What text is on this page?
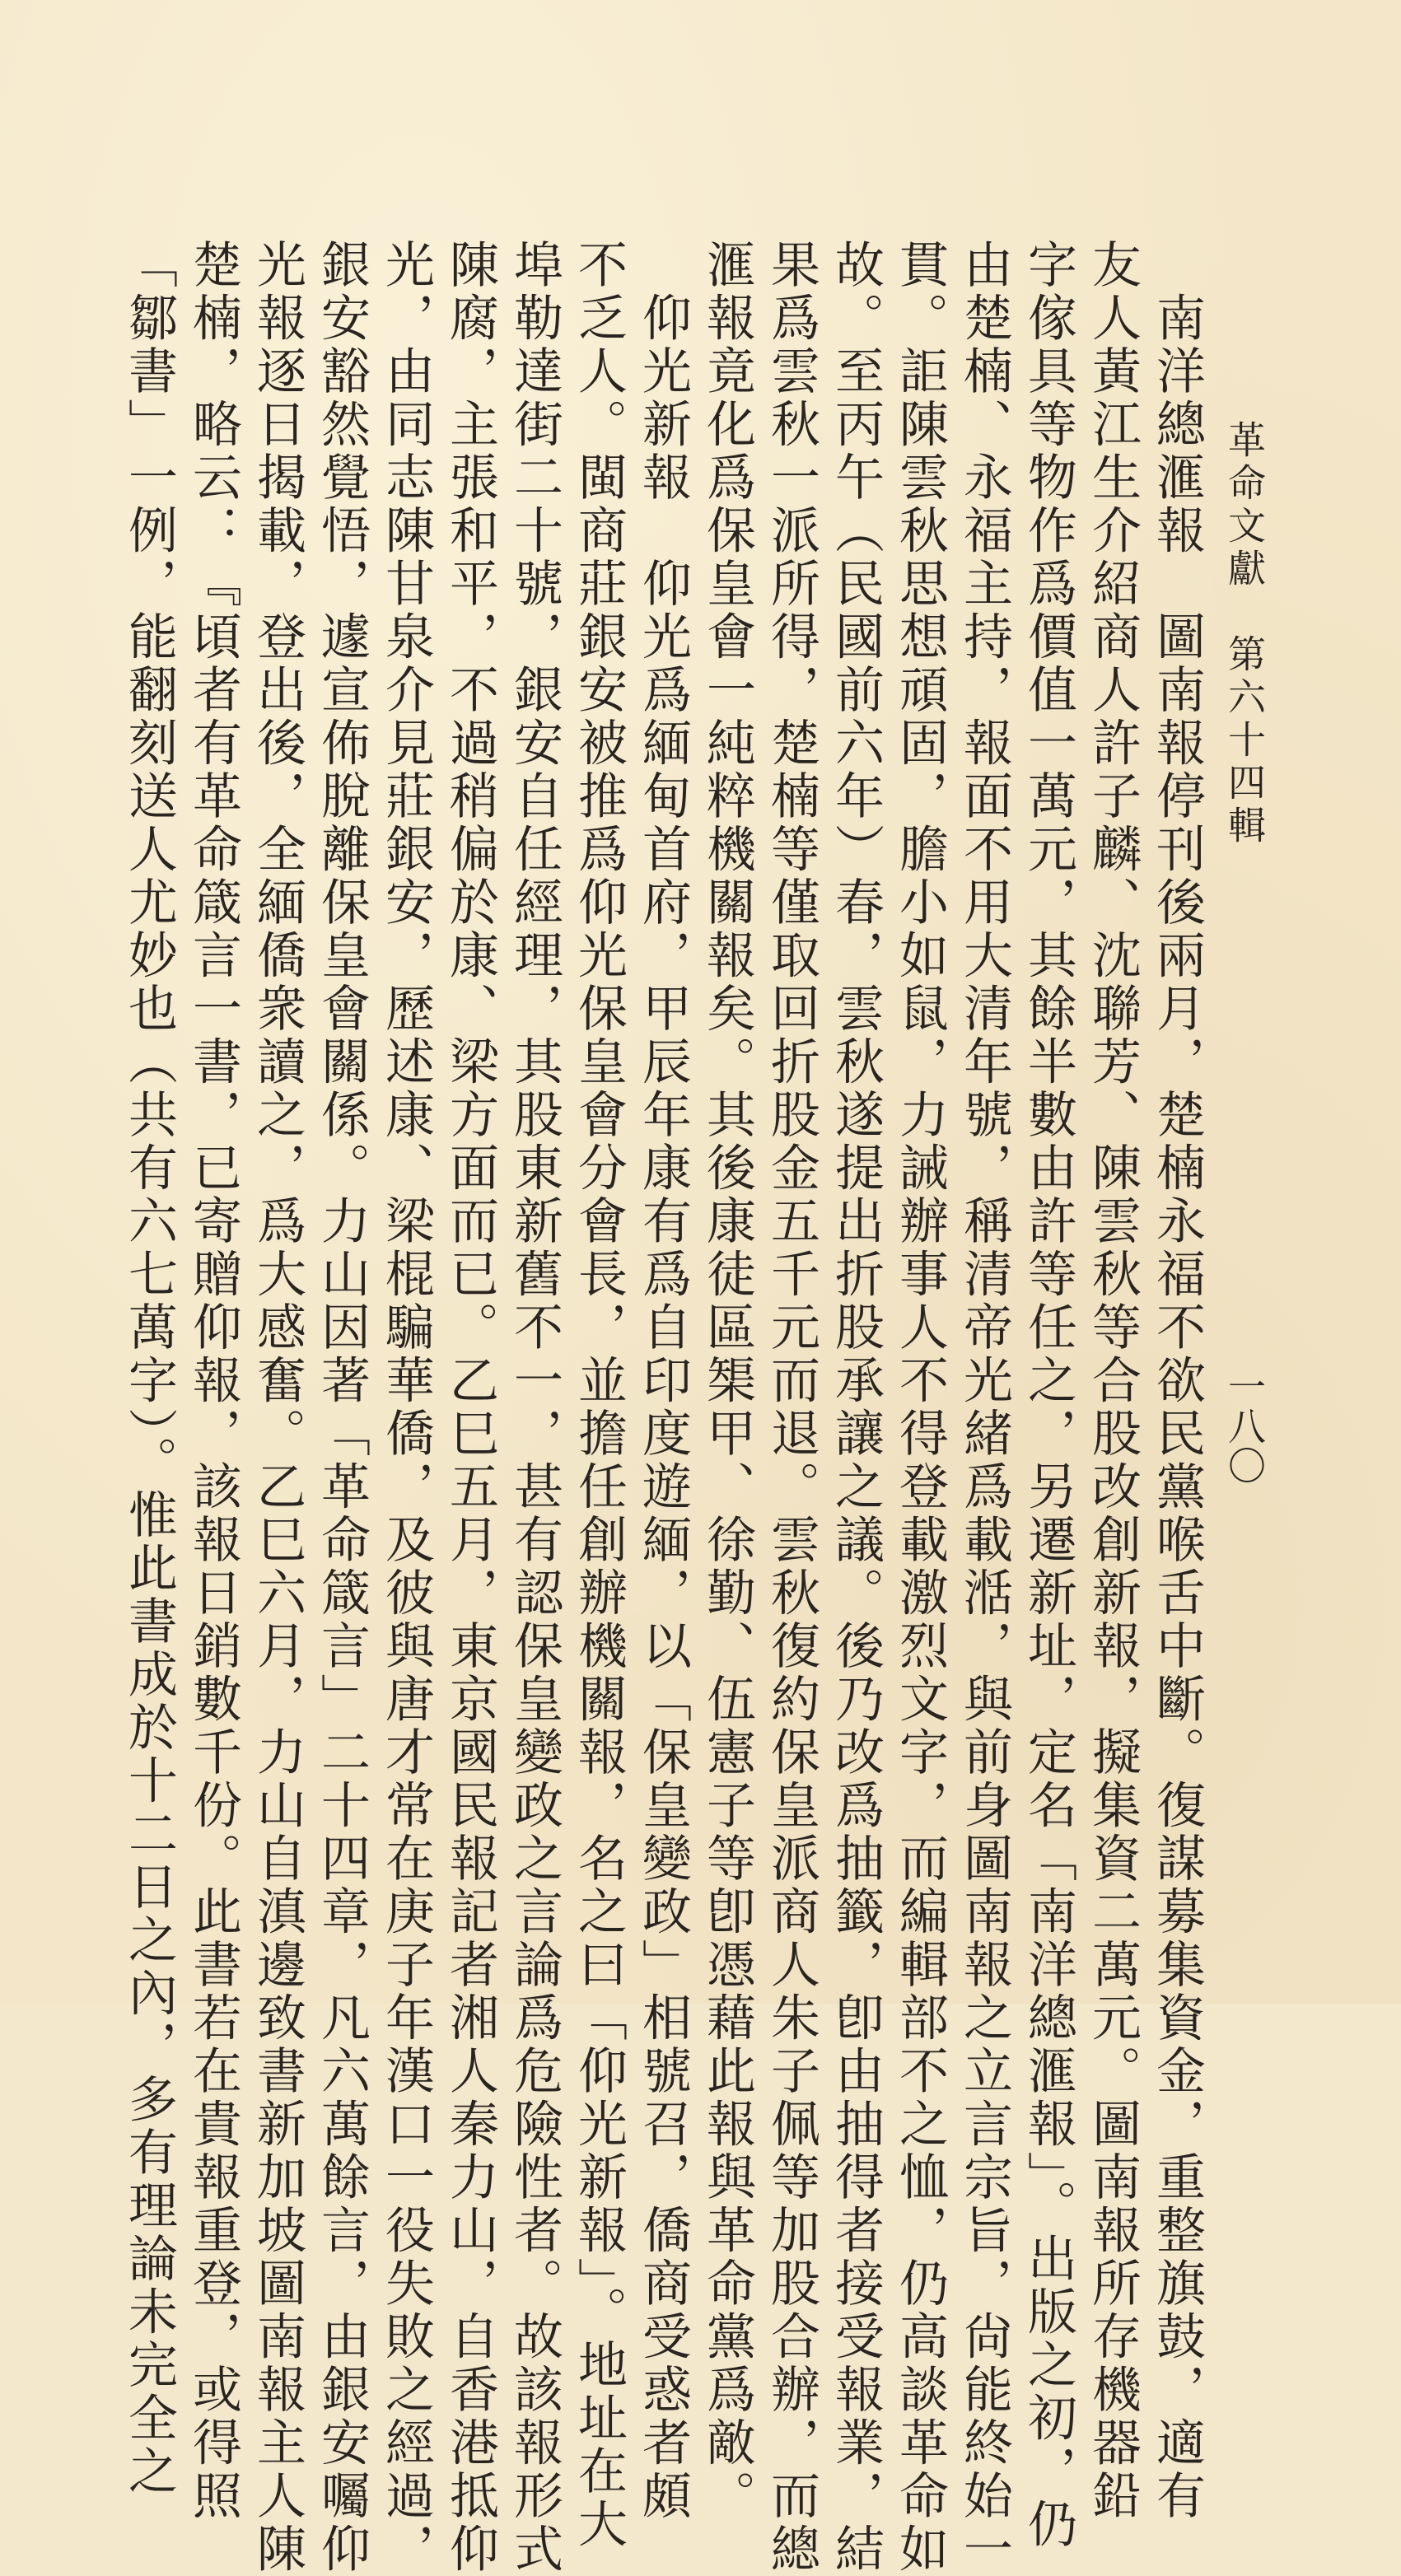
革命文獻　第六十四輯
一八〇
　南洋總滙報　圖南報停刊後兩月，楚楠永福不欲民黨喉舌中斷。復謀募集資金，重整旗鼓，適有
友人黃江生介紹商人許子麟、沈聯芳、陳雲秋等合股改創新報，擬集資二萬元。圖南報所存機器鉛
字傢具等物作爲價值一萬元，其餘半數由許等任之，另遷新址，定名「南洋總滙報」。出版之初，仍
由楚楠、永福主持，報面不用大清年號，稱清帝光緒爲載湉，與前身圖南報之立言宗旨，尙能終始一
貫。詎陳雲秋思想頑固，膽小如鼠，力誡辦事人不得登載激烈文字，而編輯部不之恤，仍高談革命如
故。至丙午（民國前六年）春，雲秋遂提出折股承讓之議。後乃改爲抽籤，卽由抽得者接受報業，結
果爲雲秋一派所得，楚楠等僅取回折股金五千元而退。雲秋復約保皇派商人朱子佩等加股合辦，而總
滙報竟化爲保皇會一純粹機關報矣。其後康徒區榘甲、徐勤、伍憲子等卽憑藉此報與革命黨爲敵。
　仰光新報　仰光爲緬甸首府，甲辰年康有爲自印度遊緬，以「保皇變政」相號召，僑商受惑者頗
不乏人。閩商莊銀安被推爲仰光保皇會分會長，並擔任創辦機關報，名之曰「仰光新報」。地址在大
埠勒達街二十號，銀安自任經理，其股東新舊不一，甚有認保皇變政之言論爲危險性者。故該報形式
陳腐，主張和平，不過稍偏於康、梁方面而已。乙巳五月，東京國民報記者湘人秦力山，自香港抵仰
光，由同志陳甘泉介見莊銀安，歷述康、梁棍騙華僑，及彼與唐才常在庚子年漢口一役失敗之經過，
銀安豁然覺悟，遽宣佈脫離保皇會關係。力山因著「革命箴言」二十四章，凡六萬餘言，由銀安囑仰
光報逐日揭載，登出後，全緬僑衆讀之，爲大感奮。乙巳六月，力山自滇邊致書新加坡圖南報主人陳
楚楠，略云：『頃者有革命箴言一書，已寄贈仰報，該報日銷數千份。此書若在貴報重登，或得照
「鄒書」一例，能翻刻送人尤妙也（共有六七萬字）。惟此書成於十二日之內，多有理論未完全之
